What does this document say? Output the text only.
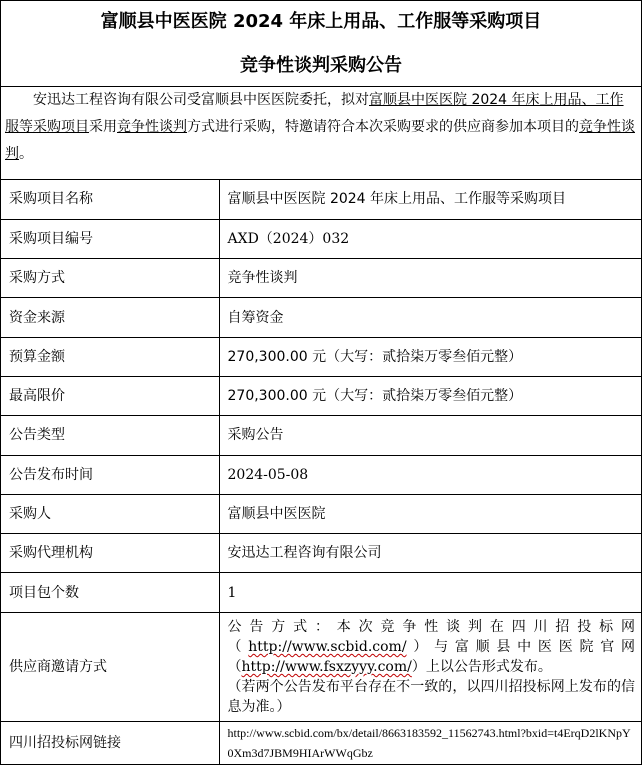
富顺县中医医院 2024 年床上用品、工作服等采购项目
竞争性谈判采购公告
安迅达工程咨询有限公司受富顺县中医医院委托，拟对富顺县中医医院 2024 年床上用品、工作服等采购项目采用竞争性谈判方式进行采购，特邀请符合本次采购要求的供应商参加本项目的竞争性谈判。
采购项目名称	富顺县中医医院 2024 年床上用品、工作服等采购项目
采购项目编号	AXD（2024）032
采购方式	竞争性谈判
资金来源	自筹资金
预算金额	270,300.00 元（大写：贰拾柒万零叁佰元整）
最高限价	270,300.00 元（大写：贰拾柒万零叁佰元整）
公告类型	采购公告
公告发布时间	2024-05-08
采购人	富顺县中医医院
采购代理机构	安迅达工程咨询有限公司
项目包个数	1
供应商邀请方式	公告方式：本次竞争性谈判在四川招投标网（http://www.scbid.com/）与富顺县中医医院官网（http://www.fsxzyyy.com/）上以公告形式发布。
（若两个公告发布平台存在不一致的，以四川招投标网上发布的信息为准。）
四川招投标网链接	http://www.scbid.com/bx/detail/8663183592_11562743.html?bxid=t4ErqD2lKNpY0Xm3d7JBM9HIArWWqGbz
